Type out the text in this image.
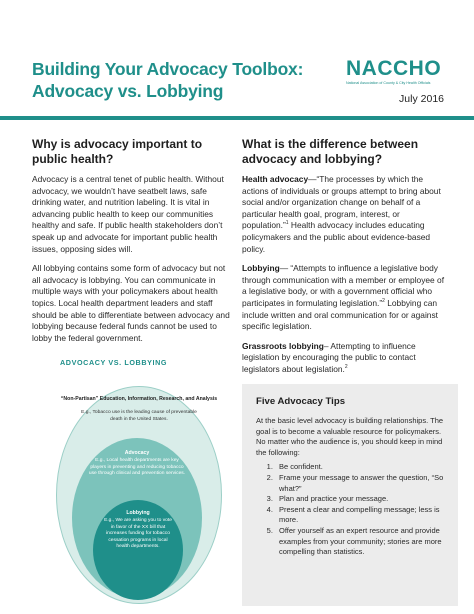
Building Your Advocacy Toolbox:
Advocacy vs. Lobbying
NACCHO
National Association of County & City Health Officials
July 2016
Why is advocacy important to public health?

Advocacy is a central tenet of public health. Without advocacy, we wouldn’t have seatbelt laws, safe drinking water, and nutrition labeling. It is vital in advancing public health to keep our communities healthy and safe. If public health stakeholders don’t speak up and advocate for important public health issues, opposing sides will.

All lobbying contains some form of advocacy but not all advocacy is lobbying. You can communicate in multiple ways with your policymakers about health topics. Local health department leaders and staff should be able to differentiate between advocacy and lobbying because federal funds cannot be used to lobby the federal government.

What is the difference between advocacy and lobbying?

Health advocacy—“The processes by which the actions of individuals or groups attempt to bring about social and/or organization change on behalf of a particular health goal, program, interest, or population.”$^1$ Health advocacy includes educating policymakers and the public about evidence-based policy.

Lobbying— “Attempts to influence a legislative body through communication with a member or employee of a legislative body, or with a government official who participates in formulating legislation.”$^2$ Lobbying can include written and oral communication for or against specific legislation.

Grassroots lobbying– Attempting to influence legislation by encouraging the public to contact legislators about legislation.$^2$

ADVOCACY VS. LOBBYING
“Non-Partisan” Education, Information, Research, and Analysis
E.g., Tobacco use is the leading cause of preventable death in the United States.
Advocacy
E.g., Local health departments are key players in preventing and reducing tobacco use through clinical and prevention services.
Lobbying
E.g., We are asking you to vote in favor of the XX bill that increases funding for tobacco cessation programs in local health departments.
Five Advocacy Tips

At the basic level advocacy is building relationships. The goal is to become a valuable resource for policymakers. No matter who the audience is, you should keep in mind the following:

1. Be confident.
2. Frame your message to answer the question, “So what?”
3. Plan and practice your message.
4. Present a clear and compelling message; less is more.
5. Offer yourself as an expert resource and provide examples from your community; stories are more compelling than statistics.
